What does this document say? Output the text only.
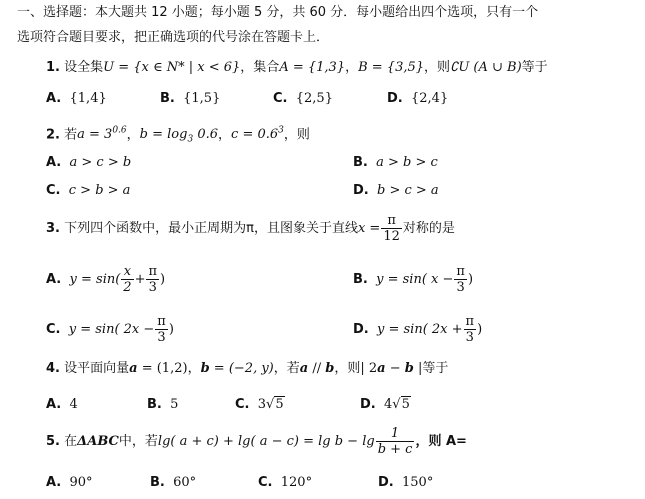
一、选择题：本大题共 12 小题；每小题 5 分，共 60 分．每小题给出四个选项，只有一个
选项符合题目要求，把正确选项的代号涂在答题卡上．
1. 设全集U = {x ∈ N* | x < 6}，集合A = {1,3}，B = {3,5}，则∁U (A ∪ B)等于
A. {1,4}	B. {1,5}	C. {2,5}	D. {2,4}
2. 若$a = 3^{0.6}$，$b = \log_3 0.6$，$c = 0.6^3$，则
A. a > c > b	B. a > b > c
C. c > b > a	D. b > c > a
3. 下列四个函数中，最小正周期为π，且图象关于直线$x = \frac{\pi}{12}$ 对称的是
A. $y = \sin( \frac{x}{2} + \frac{\pi}{3}$ )	B. y = sin( $x - \frac{\pi}{3}$ )
C. y = sin( $2x - \frac{\pi}{3}$ )	D. y = sin( $2x + \frac{\pi}{3}$ )
4. 设平面向量a = (1,2)，b = (−2, y)，若a // b，则| 2a − b |等于
A. 4	B. 5	C. 3√5	D. 4√5
5. 在ΔABC中，若lg( a + c) + lg( $a - c) = \lg b - \lg \frac{1}{b + c}$ ，则 A=
A. 90°	B. 60°	C. 120°	D. 150°
